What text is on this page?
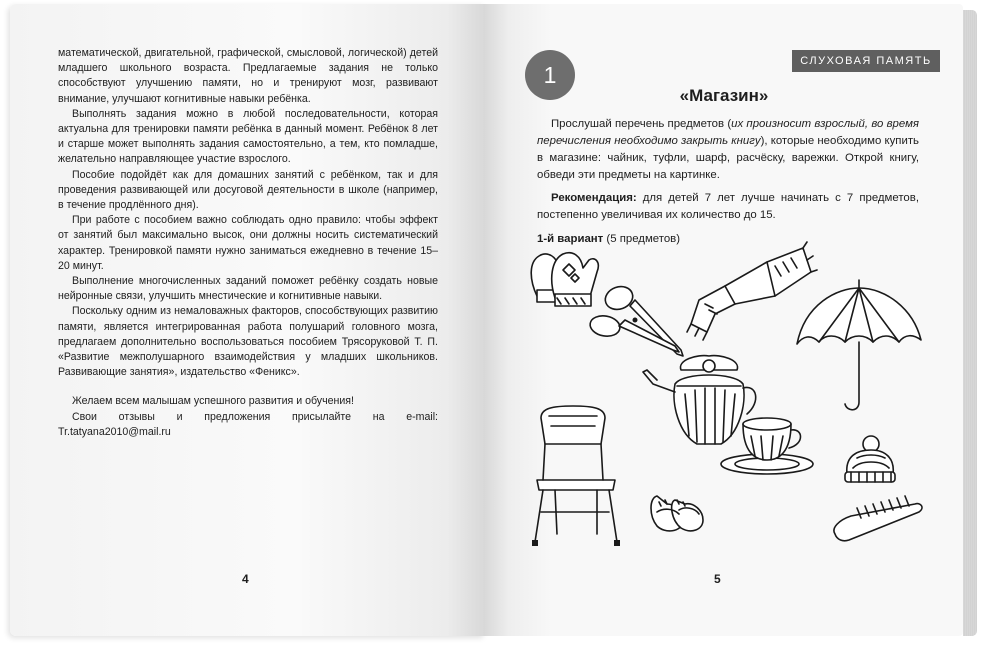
математической, двигательной, графической, смысловой, логической) детей младшего школьного возраста. Предлагаемые задания не только способствуют улучшению памяти, но и тренируют мозг, развивают внимание, улучшают когнитивные навыки ребёнка.

Выполнять задания можно в любой последовательности, которая актуальна для тренировки памяти ребёнка в данный момент. Ребёнок 8 лет и старше может выполнять задания самостоятельно, а тем, кто помладше, желательно направляющее участие взрослого.

Пособие подойдёт как для домашних занятий с ребёнком, так и для проведения развивающей или досуговой деятельности в школе (например, в течение продлённого дня).

При работе с пособием важно соблюдать одно правило: чтобы эффект от занятий был максимально высок, они должны носить систематический характер. Тренировкой памяти нужно заниматься ежедневно в течение 15–20 минут.

Выполнение многочисленных заданий поможет ребёнку создать новые нейронные связи, улучшить мнестические и когнитивные навыки.

Поскольку одним из немаловажных факторов, способствующих развитию памяти, является интегрированная работа полушарий головного мозга, предлагаем дополнительно воспользоваться пособием Трясоруковой Т. П. «Развитие межполушарного взаимодействия у младших школьников. Развивающие занятия», издательство «Феникс».

Желаем всем малышам успешного развития и обучения!

Свои отзывы и предложения присылайте на e-mail: Tr.tatyana2010@mail.ru

4
1
СЛУХОВАЯ ПАМЯТЬ
«Магазин»

Прослушай перечень предметов (их произносит взрослый, во время перечисления необходимо закрыть книгу), которые необходимо купить в магазине: чайник, туфли, шарф, расчёску, варежки. Открой книгу, обведи эти предметы на картинке.

Рекомендация: для детей 7 лет лучше начинать с 7 предметов, постепенно увеличивая их количество до 15.

1-й вариант (5 предметов)

5
